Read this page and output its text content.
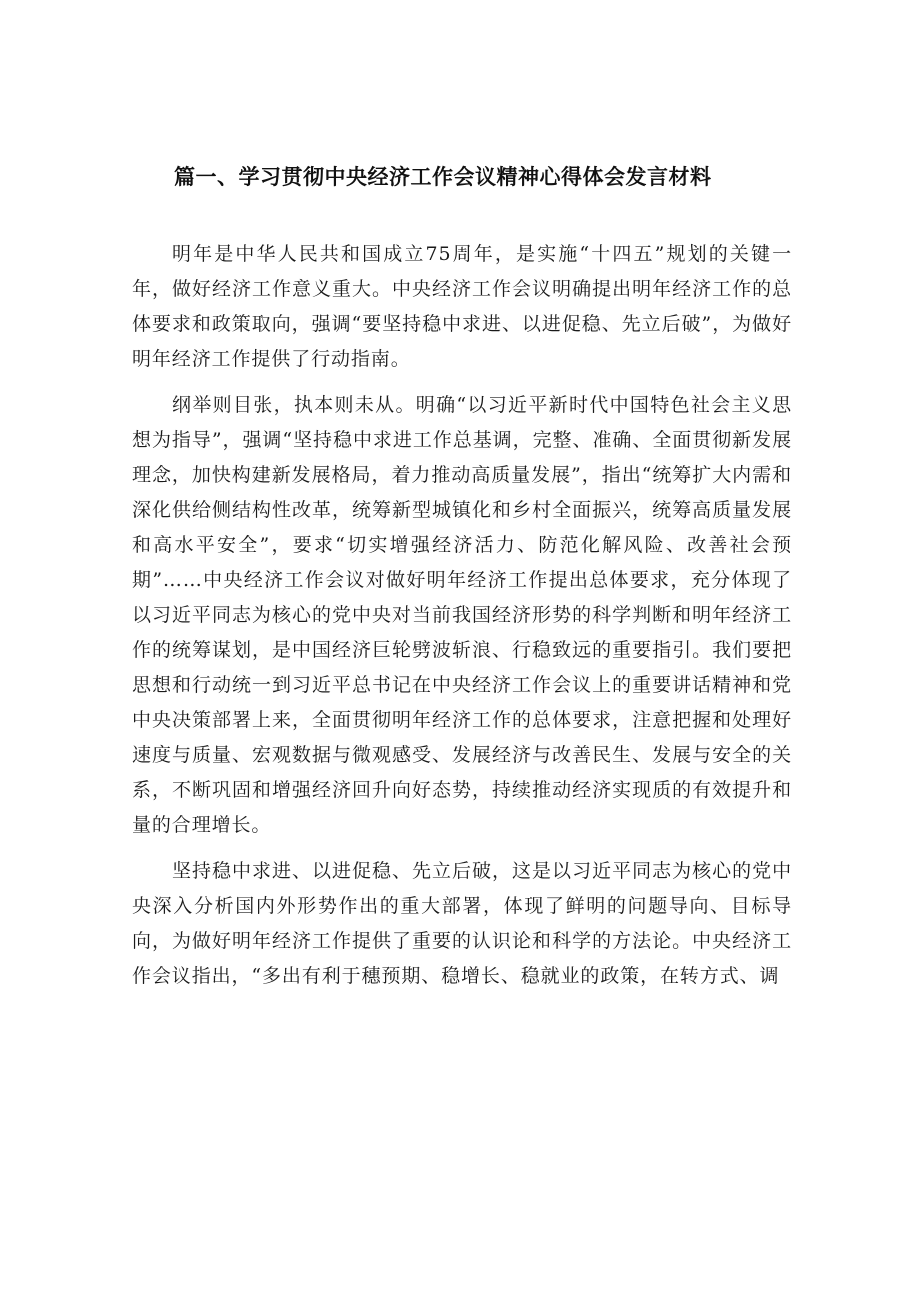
篇一、学习贯彻中央经济工作会议精神心得体会发言材料

明年是中华人民共和国成立75周年，是实施“十四五”规划的关键一年，做好经济工作意义重大。中央经济工作会议明确提出明年经济工作的总体要求和政策取向，强调“要坚持稳中求进、以进促稳、先立后破”，为做好明年经济工作提供了行动指南。

纲举则目张，执本则未从。明确“以习近平新时代中国特色社会主义思想为指导”，强调“坚持稳中求进工作总基调，完整、准确、全面贯彻新发展理念，加快构建新发展格局，着力推动高质量发展”，指出“统筹扩大内需和深化供给侧结构性改革，统筹新型城镇化和乡村全面振兴，统筹高质量发展和高水平安全”，要求“切实增强经济活力、防范化解风险、改善社会预期”……中央经济工作会议对做好明年经济工作提出总体要求，充分体现了以习近平同志为核心的党中央对当前我国经济形势的科学判断和明年经济工作的统筹谋划，是中国经济巨轮劈波斩浪、行稳致远的重要指引。我们要把思想和行动统一到习近平总书记在中央经济工作会议上的重要讲话精神和党中央决策部署上来，全面贯彻明年经济工作的总体要求，注意把握和处理好速度与质量、宏观数据与微观感受、发展经济与改善民生、发展与安全的关系，不断巩固和增强经济回升向好态势，持续推动经济实现质的有效提升和量的合理增长。

坚持稳中求进、以进促稳、先立后破，这是以习近平同志为核心的党中央深入分析国内外形势作出的重大部署，体现了鲜明的问题导向、目标导向，为做好明年经济工作提供了重要的认识论和科学的方法论。中央经济工作会议指出，“多出有利于穗预期、稳增长、稳就业的政策，在转方式、调
